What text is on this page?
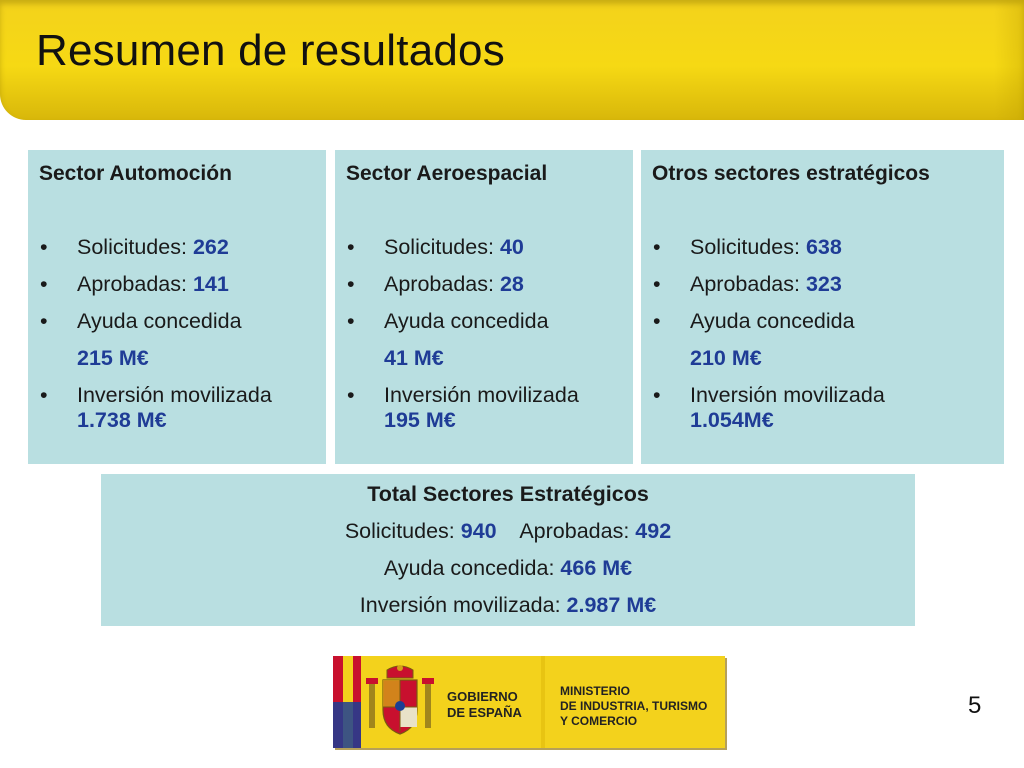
Resumen de resultados
Sector Automoción
• Solicitudes: 262
• Aprobadas: 141
• Ayuda concedida
215 M€
• Inversión movilizada
1.738 M€
Sector Aeroespacial
• Solicitudes: 40
• Aprobadas: 28
• Ayuda concedida
41 M€
• Inversión movilizada
195 M€
Otros sectores estratégicos
• Solicitudes: 638
• Aprobadas: 323
• Ayuda concedida
210 M€
• Inversión movilizada
1.054M€
Total Sectores Estratégicos
Solicitudes: 940 Aprobadas: 492
Ayuda concedida: 466 M€
Inversión movilizada: 2.987 M€
GOBIERNO
DE ESPAÑA
MINISTERIO
DE INDUSTRIA, TURISMO
Y COMERCIO
5
